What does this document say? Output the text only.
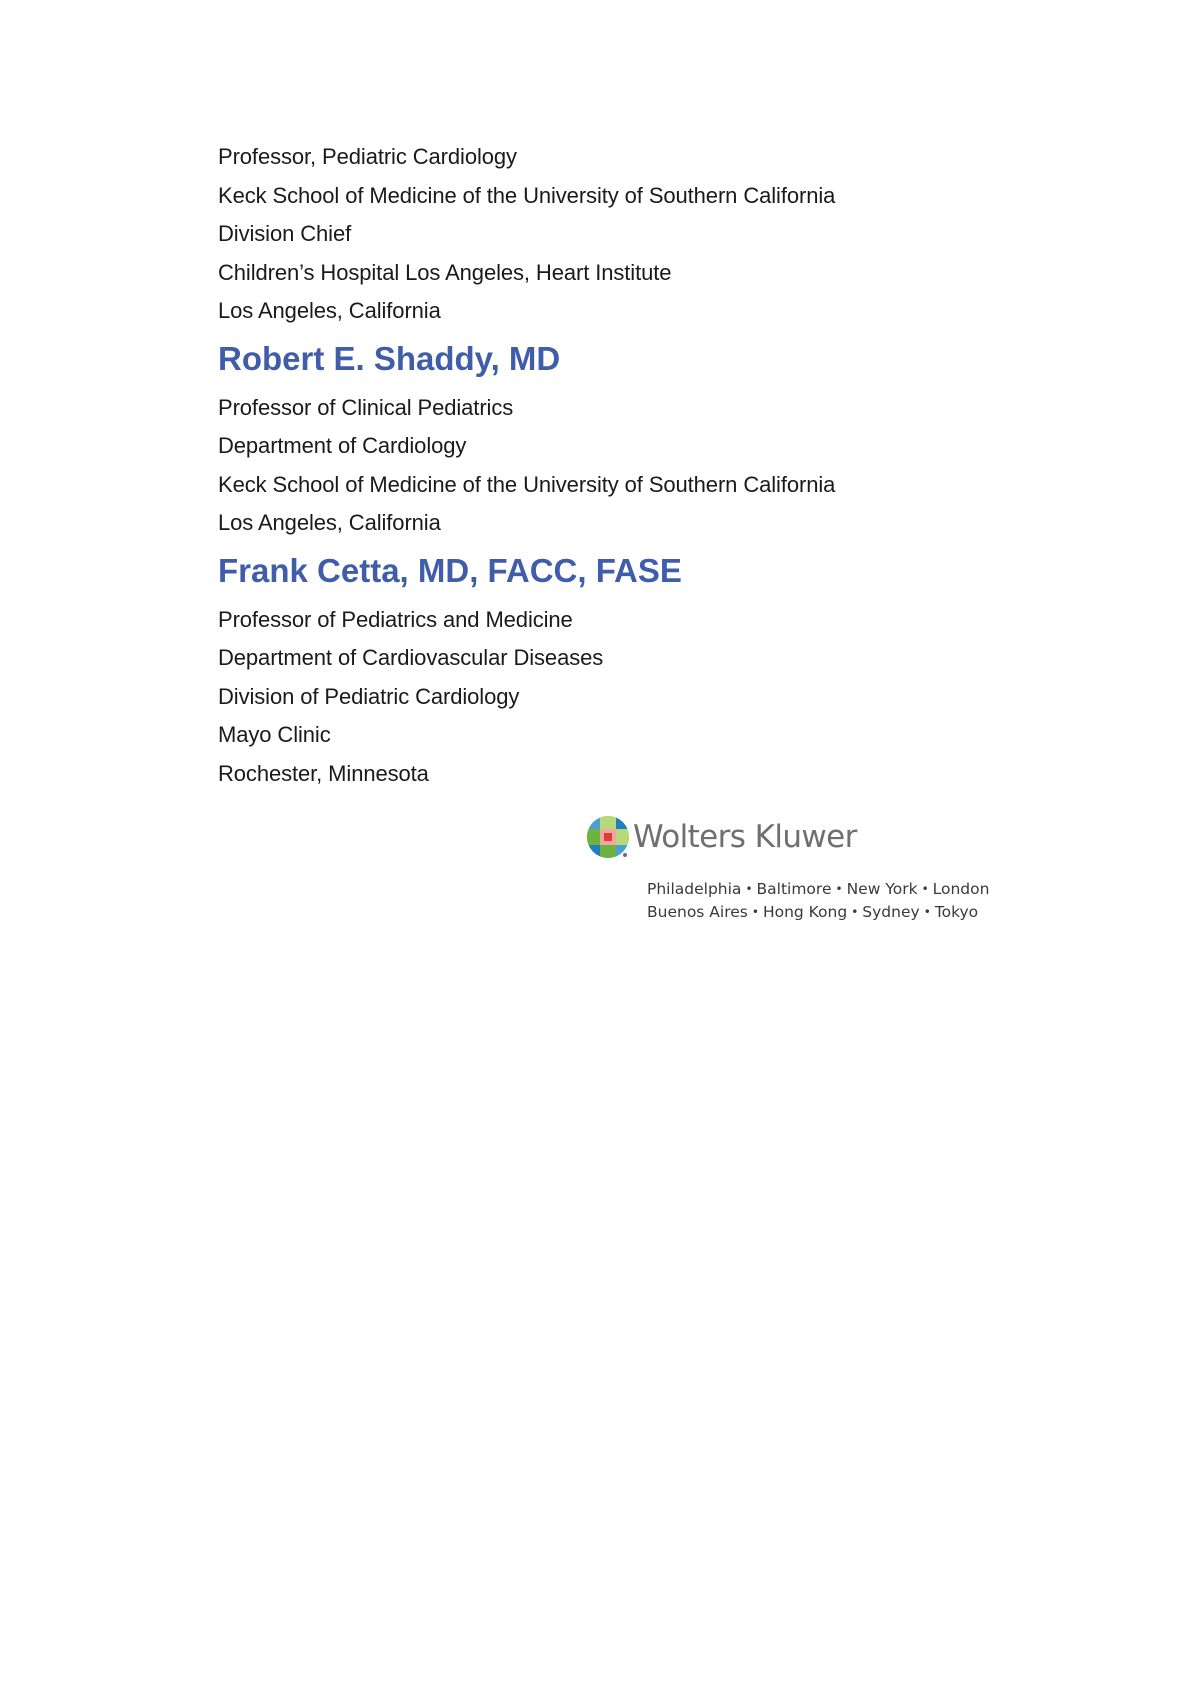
Professor, Pediatric Cardiology
Keck School of Medicine of the University of Southern California
Division Chief
Children’s Hospital Los Angeles, Heart Institute
Los Angeles, California
Robert E. Shaddy, MD
Professor of Clinical Pediatrics
Department of Cardiology
Keck School of Medicine of the University of Southern California
Los Angeles, California
Frank Cetta, MD, FACC, FASE
Professor of Pediatrics and Medicine
Department of Cardiovascular Diseases
Division of Pediatric Cardiology
Mayo Clinic
Rochester, Minnesota
Wolters Kluwer
Philadelphia • Baltimore • New York • London
Buenos Aires • Hong Kong • Sydney • Tokyo
